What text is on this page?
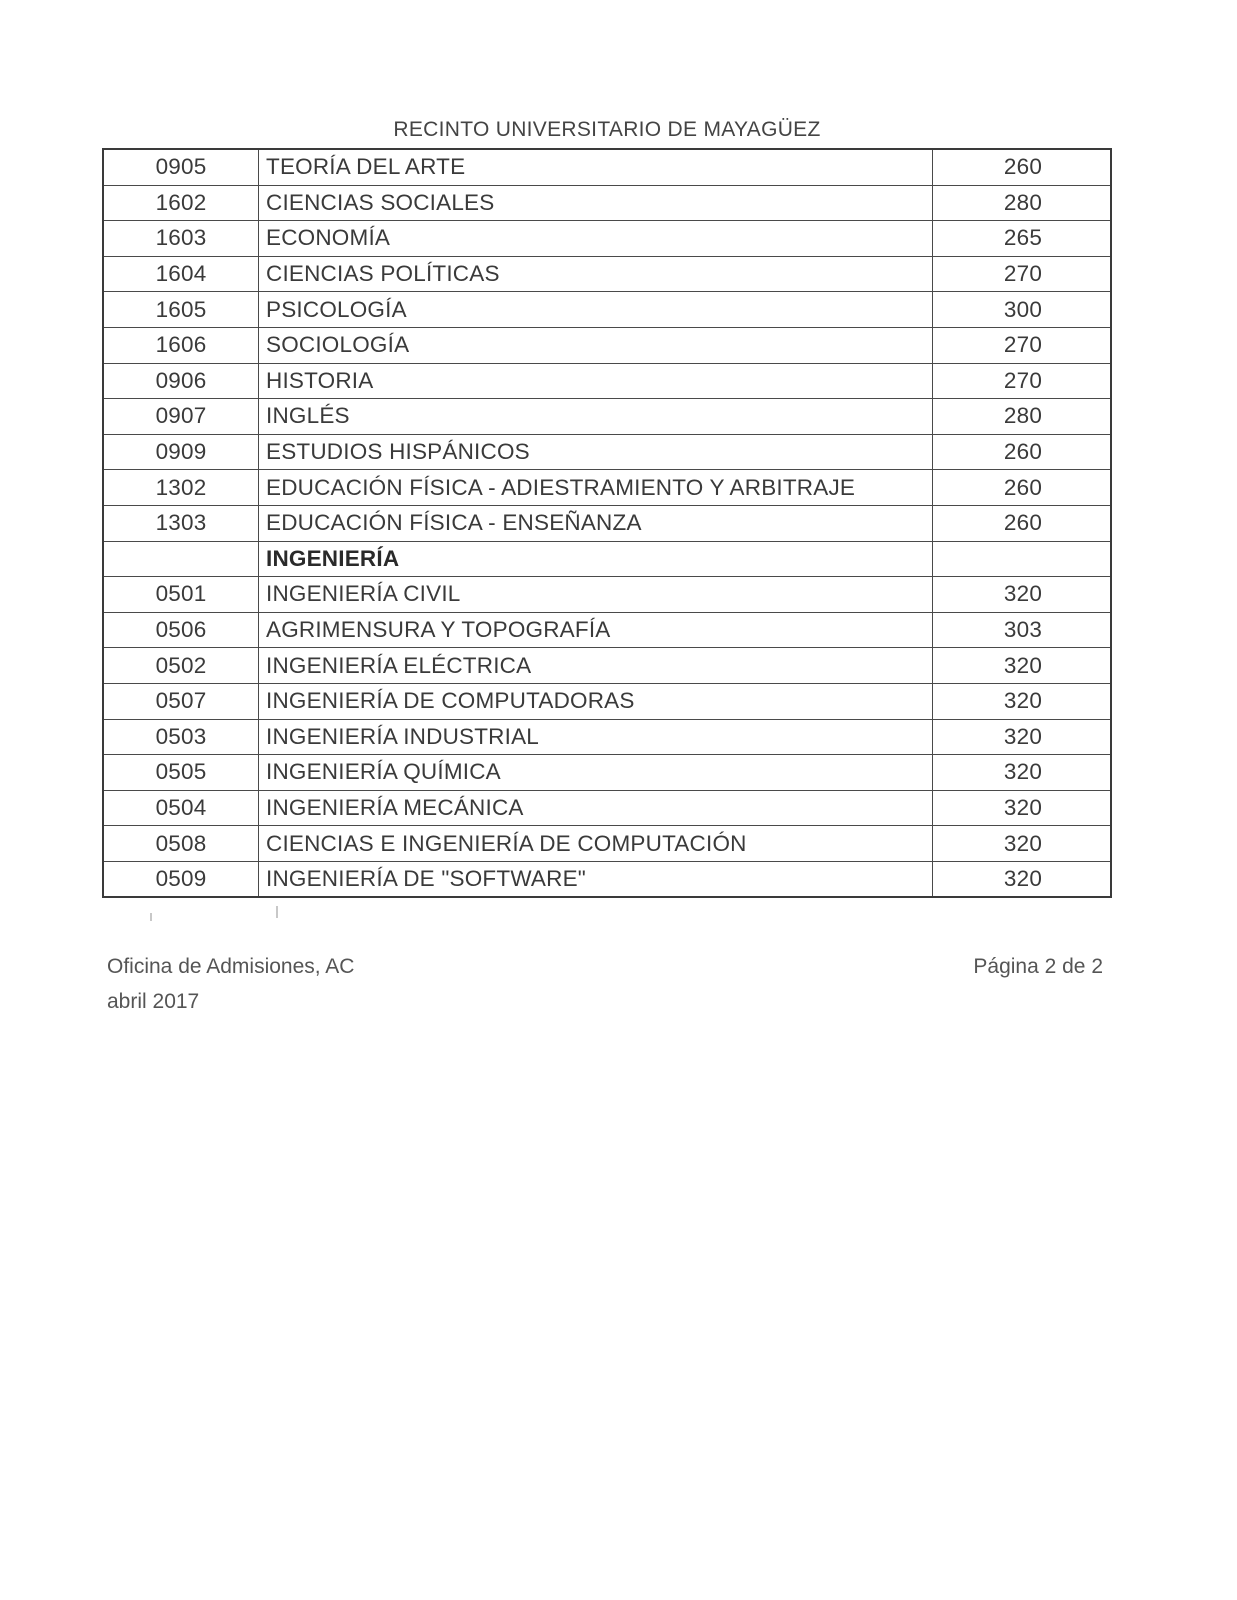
RECINTO UNIVERSITARIO DE MAYAGÜEZ
0905	TEORÍA DEL ARTE	260
1602	CIENCIAS SOCIALES	280
1603	ECONOMÍA	265
1604	CIENCIAS POLÍTICAS	270
1605	PSICOLOGÍA	300
1606	SOCIOLOGÍA	270
0906	HISTORIA	270
0907	INGLÉS	280
0909	ESTUDIOS HISPÁNICOS	260
1302	EDUCACIÓN FÍSICA - ADIESTRAMIENTO Y ARBITRAJE	260
1303	EDUCACIÓN FÍSICA - ENSEÑANZA	260
	INGENIERÍA	
0501	INGENIERÍA CIVIL	320
0506	AGRIMENSURA Y TOPOGRAFÍA	303
0502	INGENIERÍA ELÉCTRICA	320
0507	INGENIERÍA DE COMPUTADORAS	320
0503	INGENIERÍA INDUSTRIAL	320
0505	INGENIERÍA QUÍMICA	320
0504	INGENIERÍA MECÁNICA	320
0508	CIENCIAS E INGENIERÍA DE COMPUTACIÓN	320
0509	INGENIERÍA DE "SOFTWARE"	320
Oficina de Admisiones, AC
abril 2017
Página 2 de 2
